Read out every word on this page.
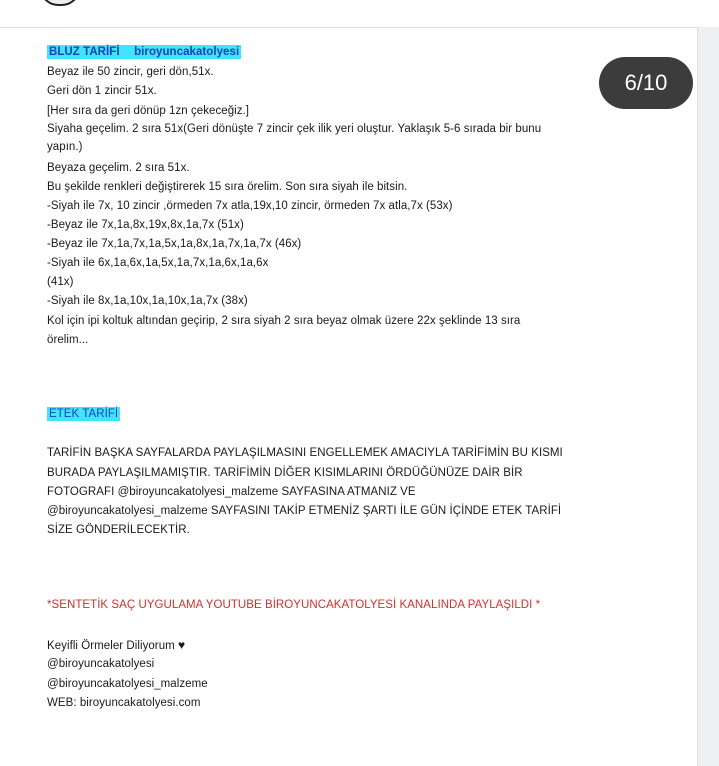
BLUZ TARİFİ biroyuncakatolyesi
Beyaz ile 50 zincir, geri dön,51x.
Geri dön 1 zincir 51x.
[Her sıra da geri dönüp 1zn çekeceğiz.]
Siyaha geçelim. 2 sıra 51x(Geri dönüşte 7 zincir çek ilik yeri oluştur. Yaklaşık 5-6 sırada bir bunu
yapın.)
Beyaza geçelim. 2 sıra 51x.
Bu şekilde renkleri değiştirerek 15 sıra örelim. Son sıra siyah ile bitsin.
-Siyah ile 7x, 10 zincir ,örmeden 7x atla,19x,10 zincir, örmeden 7x atla,7x (53x)
-Beyaz ile 7x,1a,8x,19x,8x,1a,7x (51x)
-Beyaz ile 7x,1a,7x,1a,5x,1a,8x,1a,7x,1a,7x (46x)
-Siyah ile 6x,1a,6x,1a,5x,1a,7x,1a,6x,1a,6x
(41x)
-Siyah ile 8x,1a,10x,1a,10x,1a,7x (38x)
Kol için ipi koltuk altından geçirip, 2 sıra siyah 2 sıra beyaz olmak üzere 22x şeklinde 13 sıra
örelim...
ETEK TARİFİ
TARİFİN BAŞKA SAYFALARDA PAYLAŞILMASINI ENGELLEMEK AMACIYLA TARİFİMİN BU KISMI
BURADA PAYLAŞILMAMIŞTIR. TARİFİMİN DİĞER KISIMLARINI ÖRDÜĞÜNÜZE DAİR BİR
FOTOGRAFI @biroyuncakatolyesi_malzeme SAYFASINA ATMANIZ VE
@biroyuncakatolyesi_malzeme SAYFASINI TAKİP ETMENİZ ŞARTI İLE GÜN İÇİNDE ETEK TARİFİ
SİZE GÖNDERİLECEKTİR.
*SENTETİK SAÇ UYGULAMA YOUTUBE BİROYUNCAKATOLYESİ KANALINDA PAYLAŞILDI *
Keyifli Örmeler Diliyorum ♥
@biroyuncakatolyesi
@biroyuncakatolyesi_malzeme
WEB: biroyuncakatolyesi.com
6/10
